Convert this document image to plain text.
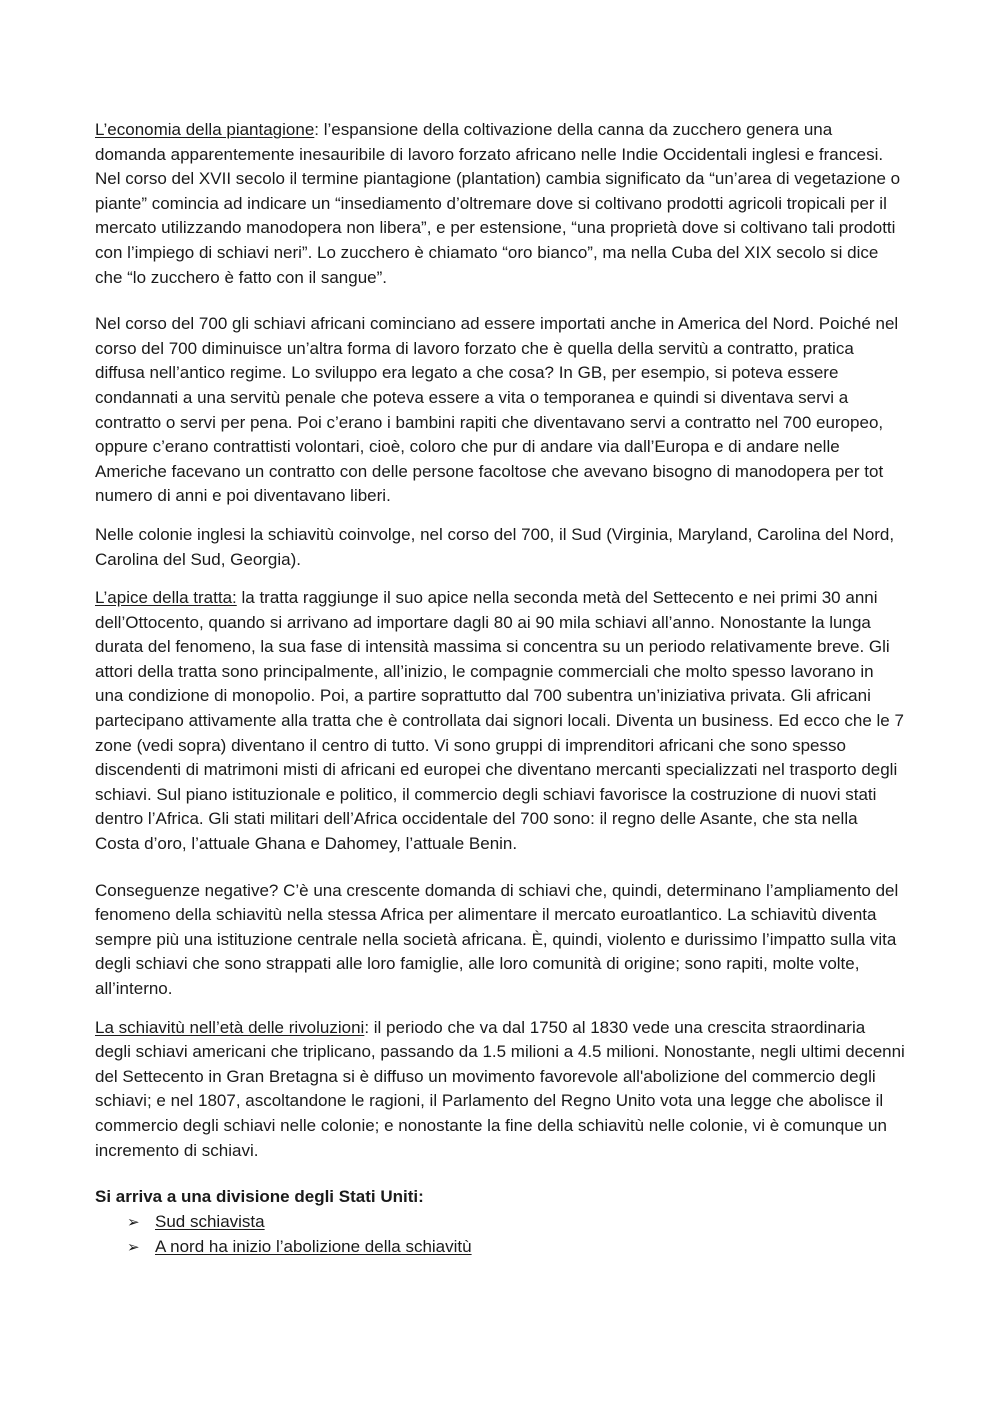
L’economia della piantagione: l’espansione della coltivazione della canna da zucchero genera una domanda apparentemente inesauribile di lavoro forzato africano nelle Indie Occidentali inglesi e francesi. Nel corso del XVII secolo il termine piantagione (plantation) cambia significato da “un’area di vegetazione o piante” comincia ad indicare un “insediamento d’oltremare dove si coltivano prodotti agricoli tropicali per il mercato utilizzando manodopera non libera”, e per estensione, “una proprietà dove si coltivano tali prodotti con l’impiego di schiavi neri”. Lo zucchero è chiamato “oro bianco”, ma nella Cuba del XIX secolo si dice che “lo zucchero è fatto con il sangue”.

Nel corso del 700 gli schiavi africani cominciano ad essere importati anche in America del Nord. Poiché nel corso del 700 diminuisce un’altra forma di lavoro forzato che è quella della servitù a contratto, pratica diffusa nell’antico regime. Lo sviluppo era legato a che cosa? In GB, per esempio, si poteva essere condannati a una servitù penale che poteva essere a vita o temporanea e quindi si diventava servi a contratto o servi per pena. Poi c’erano i bambini rapiti che diventavano servi a contratto nel 700 europeo, oppure c’erano contrattisti volontari, cioè, coloro che pur di andare via dall’Europa e di andare nelle Americhe facevano un contratto con delle persone facoltose che avevano bisogno di manodopera per tot numero di anni e poi diventavano liberi.

Nelle colonie inglesi la schiavitù coinvolge, nel corso del 700, il Sud (Virginia, Maryland, Carolina del Nord, Carolina del Sud, Georgia).

L’apice della tratta: la tratta raggiunge il suo apice nella seconda metà del Settecento e nei primi 30 anni dell’Ottocento, quando si arrivano ad importare dagli 80 ai 90 mila schiavi all’anno. Nonostante la lunga durata del fenomeno, la sua fase di intensità massima si concentra su un periodo relativamente breve. Gli attori della tratta sono principalmente, all’inizio, le compagnie commerciali che molto spesso lavorano in una condizione di monopolio. Poi, a partire soprattutto dal 700 subentra un’iniziativa privata. Gli africani partecipano attivamente alla tratta che è controllata dai signori locali. Diventa un business. Ed ecco che le 7 zone (vedi sopra) diventano il centro di tutto. Vi sono gruppi di imprenditori africani che sono spesso discendenti di matrimoni misti di africani ed europei che diventano mercanti specializzati nel trasporto degli schiavi. Sul piano istituzionale e politico, il commercio degli schiavi favorisce la costruzione di nuovi stati dentro l’Africa. Gli stati militari dell’Africa occidentale del 700 sono: il regno delle Asante, che sta nella Costa d’oro, l’attuale Ghana e Dahomey, l’attuale Benin.

Conseguenze negative? C’è una crescente domanda di schiavi che, quindi, determinano l’ampliamento del fenomeno della schiavitù nella stessa Africa per alimentare il mercato euroatlantico. La schiavitù diventa sempre più una istituzione centrale nella società africana. È, quindi, violento e durissimo l’impatto sulla vita degli schiavi che sono strappati alle loro famiglie, alle loro comunità di origine; sono rapiti, molte volte, all’interno.

La schiavitù nell’età delle rivoluzioni: il periodo che va dal 1750 al 1830 vede una crescita straordinaria degli schiavi americani che triplicano, passando da 1.5 milioni a 4.5 milioni. Nonostante, negli ultimi decenni del Settecento in Gran Bretagna si è diffuso un movimento favorevole all'abolizione del commercio degli schiavi; e nel 1807, ascoltandone le ragioni, il Parlamento del Regno Unito vota una legge che abolisce il commercio degli schiavi nelle colonie; e nonostante la fine della schiavitù nelle colonie, vi è comunque un incremento di schiavi.

Si arriva a una divisione degli Stati Uniti:

➢ Sud schiavista
➢ A nord ha inizio l’abolizione della schiavitù
